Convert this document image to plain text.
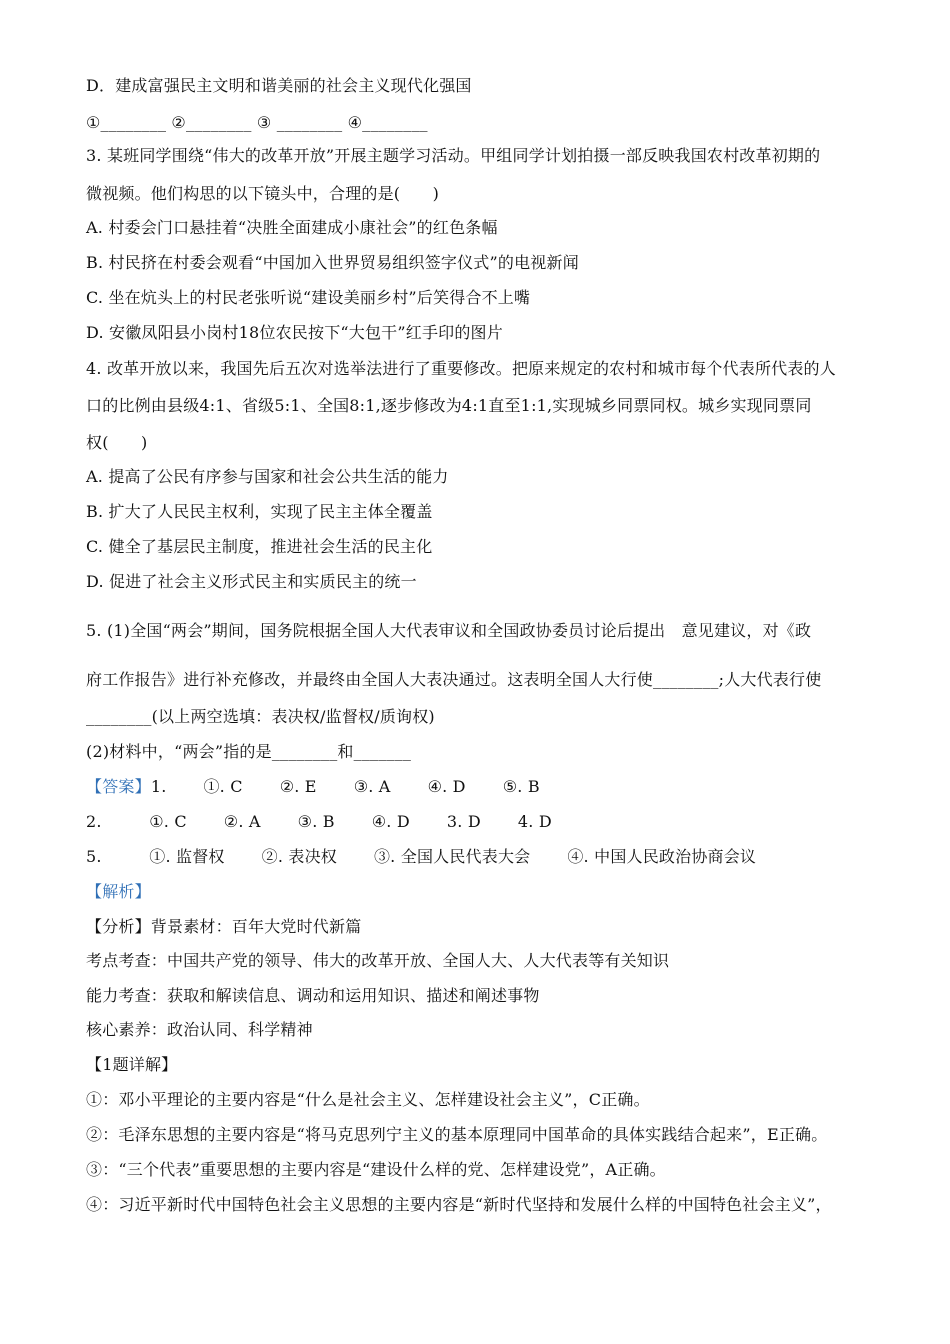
D．建成富强民主文明和谐美丽的社会主义现代化强国
①________ ②________ ③ ________ ④________
3. 某班同学围绕“伟大的改革开放”开展主题学习活动。甲组同学计划拍摄一部反映我国农村改革初期的
微视频。他们构思的以下镜头中，合理的是(　　)
A. 村委会门口悬挂着“决胜全面建成小康社会”的红色条幅
B. 村民挤在村委会观看“中国加入世界贸易组织签字仪式”的电视新闻
C. 坐在炕头上的村民老张听说“建设美丽乡村”后笑得合不上嘴
D. 安徽凤阳县小岗村18位农民按下“大包干”红手印的图片
4. 改革开放以来，我国先后五次对选举法进行了重要修改。把原来规定的农村和城市每个代表所代表的人
口的比例由县级4:1、省级5:1、全国8:1,逐步修改为4:1直至1:1,实现城乡同票同权。城乡实现同票同
权(　　)
A. 提高了公民有序参与国家和社会公共生活的能力
B. 扩大了人民民主权利，实现了民主主体全覆盖
C. 健全了基层民主制度，推进社会生活的民主化
D. 促进了社会主义形式民主和实质民主的统一
5. (1)全国“两会”期间，国务院根据全国人大代表审议和全国政协委员讨论后提出　意见建议，对《政
府工作报告》进行补充修改，并最终由全国人大表决通过。这表明全国人大行使________;人大代表行使
________(以上两空选填：表决权/监督权/质询权)
(2)材料中，“两会”指的是________和_______
【答案】1.       ①. C       ②. E       ③. A       ④. D       ⑤. B
2.         ①. C       ②. A       ③. B       ④. D       3. D       4. D
5.         ①. 监督权       ②. 表决权       ③. 全国人民代表大会       ④. 中国人民政治协商会议
【解析】
【分析】背景素材：百年大党时代新篇
考点考查：中国共产党的领导、伟大的改革开放、全国人大、人大代表等有关知识
能力考查：获取和解读信息、调动和运用知识、描述和阐述事物
核心素养：政治认同、科学精神
【1题详解】
①：邓小平理论的主要内容是“什么是社会主义、怎样建设社会主义”，C正确。
②：毛泽东思想的主要内容是“将马克思列宁主义的基本原理同中国革命的具体实践结合起来”，E正确。
③：“三个代表”重要思想的主要内容是“建设什么样的党、怎样建设党”，A正确。
④：习近平新时代中国特色社会主义思想的主要内容是“新时代坚持和发展什么样的中国特色社会主义”，
